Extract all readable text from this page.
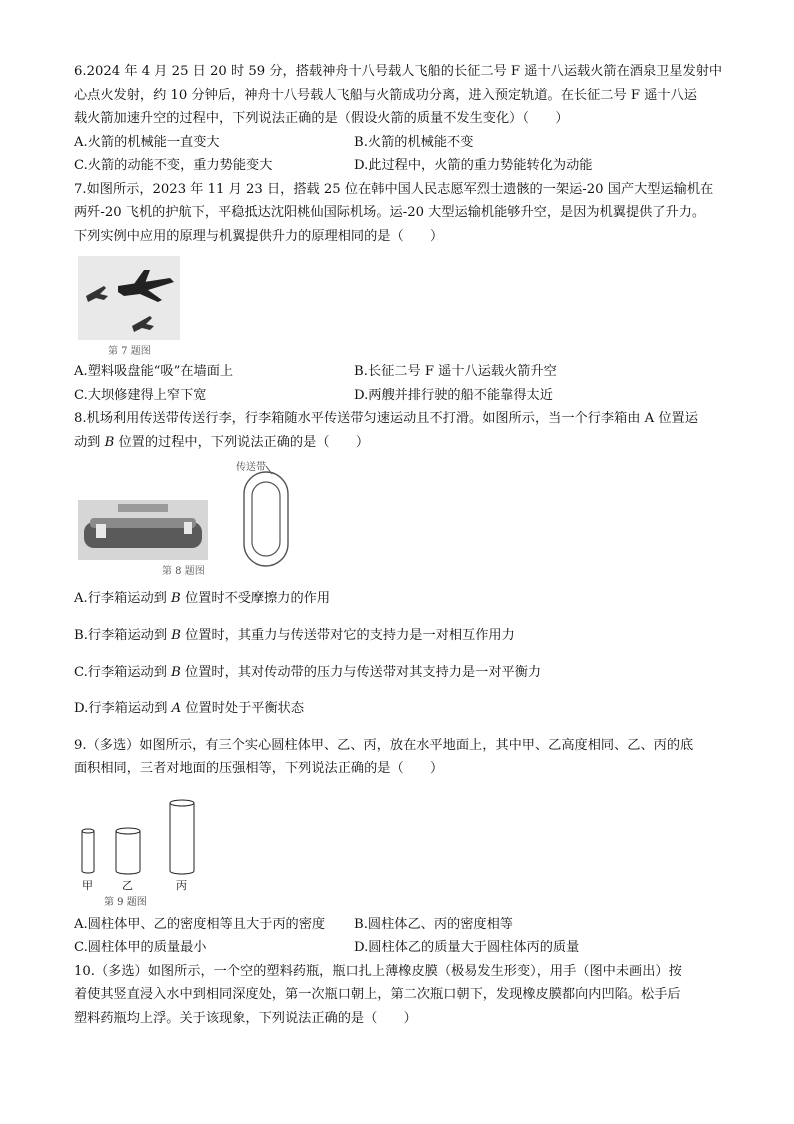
6.2024 年 4 月 25 日 20 时 59 分，搭载神舟十八号载人飞船的长征二号 F 遥十八运载火箭在酒泉卫星发射中

心点火发射，约 10 分钟后，神舟十八号载人飞船与火箭成功分离，进入预定轨道。在长征二号 F 遥十八运

载火箭加速升空的过程中，下列说法正确的是（假设火箭的质量不发生变化）（　　）

A.火箭的机械能一直变大	B.火箭的机械能不变
C.火箭的动能不变，重力势能变大	D.此过程中，火箭的重力势能转化为动能

7.如图所示，2023 年 11 月 23 日，搭载 25 位在韩中国人民志愿军烈士遗骸的一架运-20 国产大型运输机在

两歼-20 飞机的护航下，平稳抵达沈阳桃仙国际机场。运-20 大型运输机能够升空，是因为机翼提供了升力。

下列实例中应用的原理与机翼提供升力的原理相同的是（　　）

第 7 题图
A.塑料吸盘能“吸”在墙面上	B.长征二号 F 遥十八运载火箭升空
C.大坝修建得上窄下宽	D.两艘并排行驶的船不能靠得太近

8.机场利用传送带传送行李，行李箱随水平传送带匀速运动且不打滑。如图所示，当一个行李箱由 A 位置运

动到 B 位置的过程中，下列说法正确的是（　　）

传送带
第 8 题图

A.行李箱运动到 B 位置时不受摩擦力的作用

B.行李箱运动到 B 位置时，其重力与传送带对它的支持力是一对相互作用力

C.行李箱运动到 B 位置时，其对传动带的压力与传送带对其支持力是一对平衡力

D.行李箱运动到 A 位置时处于平衡状态

9.（多选）如图所示，有三个实心圆柱体甲、乙、丙，放在水平地面上，其中甲、乙高度相同、乙、丙的底

面积相同，三者对地面的压强相等，下列说法正确的是（　　）

甲	乙	丙
第 9 题图
A.圆柱体甲、乙的密度相等且大于丙的密度	B.圆柱体乙、丙的密度相等
C.圆柱体甲的质量最小	D.圆柱体乙的质量大于圆柱体丙的质量

10.（多选）如图所示，一个空的塑料药瓶，瓶口扎上薄橡皮膜（极易发生形变），用手（图中未画出）按

着使其竖直浸入水中到相同深度处，第一次瓶口朝上，第二次瓶口朝下，发现橡皮膜都向内凹陷。松手后

塑料药瓶均上浮。关于该现象，下列说法正确的是（　　）
